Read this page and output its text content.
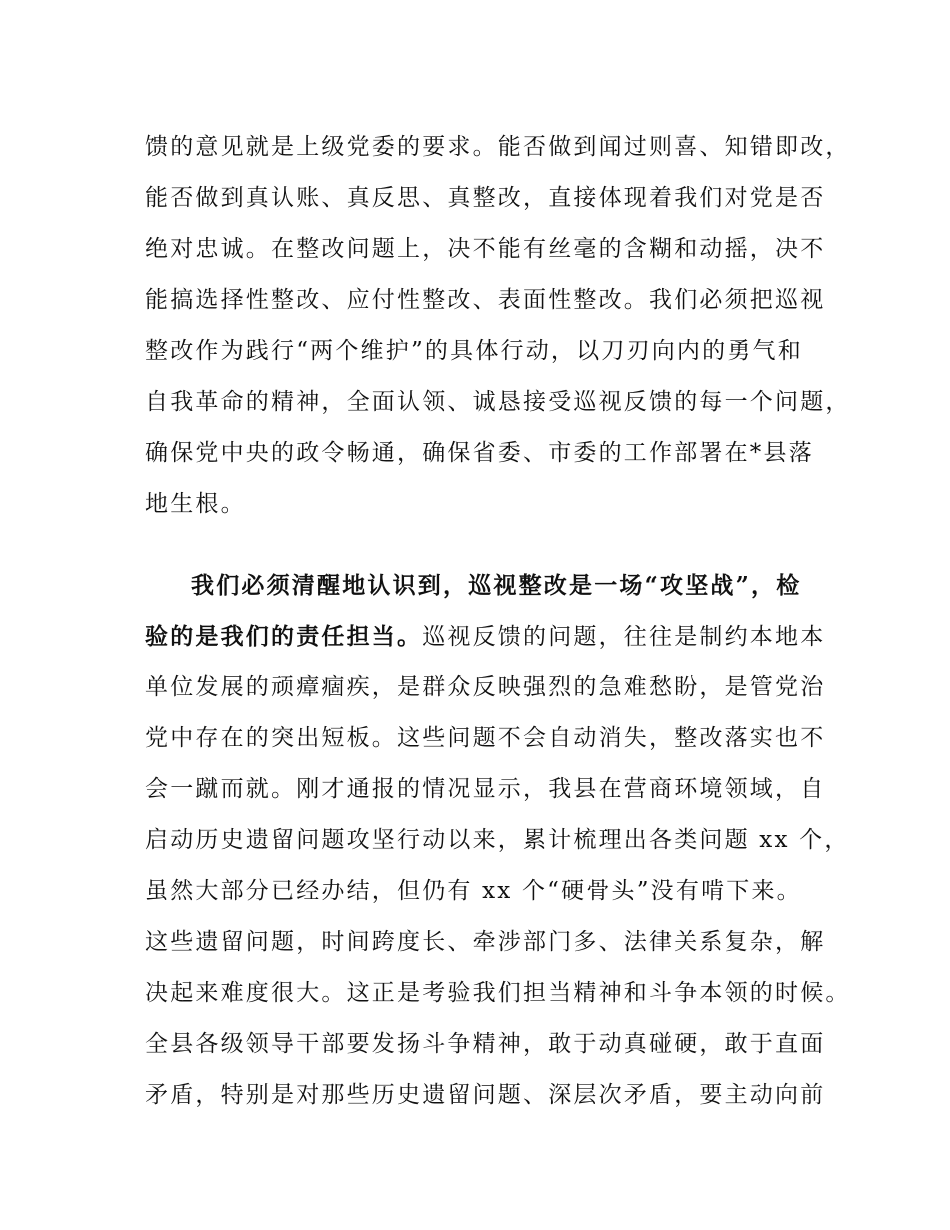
馈的意见就是上级党委的要求。能否做到闻过则喜、知错即改，
能否做到真认账、真反思、真整改，直接体现着我们对党是否
绝对忠诚。在整改问题上，决不能有丝毫的含糊和动摇，决不
能搞选择性整改、应付性整改、表面性整改。我们必须把巡视
整改作为践行“两个维护”的具体行动，以刀刃向内的勇气和
自我革命的精神，全面认领、诚恳接受巡视反馈的每一个问题，
确保党中央的政令畅通，确保省委、市委的工作部署在*县落
地生根。
我们必须清醒地认识到，巡视整改是一场“攻坚战”，检
验的是我们的责任担当。巡视反馈的问题，往往是制约本地本
单位发展的顽瘴痼疾，是群众反映强烈的急难愁盼，是管党治
党中存在的突出短板。这些问题不会自动消失，整改落实也不
会一蹴而就。刚才通报的情况显示，我县在营商环境领域，自
启动历史遗留问题攻坚行动以来，累计梳理出各类问题 xx 个，
虽然大部分已经办结，但仍有 xx 个“硬骨头”没有啃下来。
这些遗留问题，时间跨度长、牵涉部门多、法律关系复杂，解
决起来难度很大。这正是考验我们担当精神和斗争本领的时候。
全县各级领导干部要发扬斗争精神，敢于动真碰硬，敢于直面
矛盾，特别是对那些历史遗留问题、深层次矛盾，要主动向前
